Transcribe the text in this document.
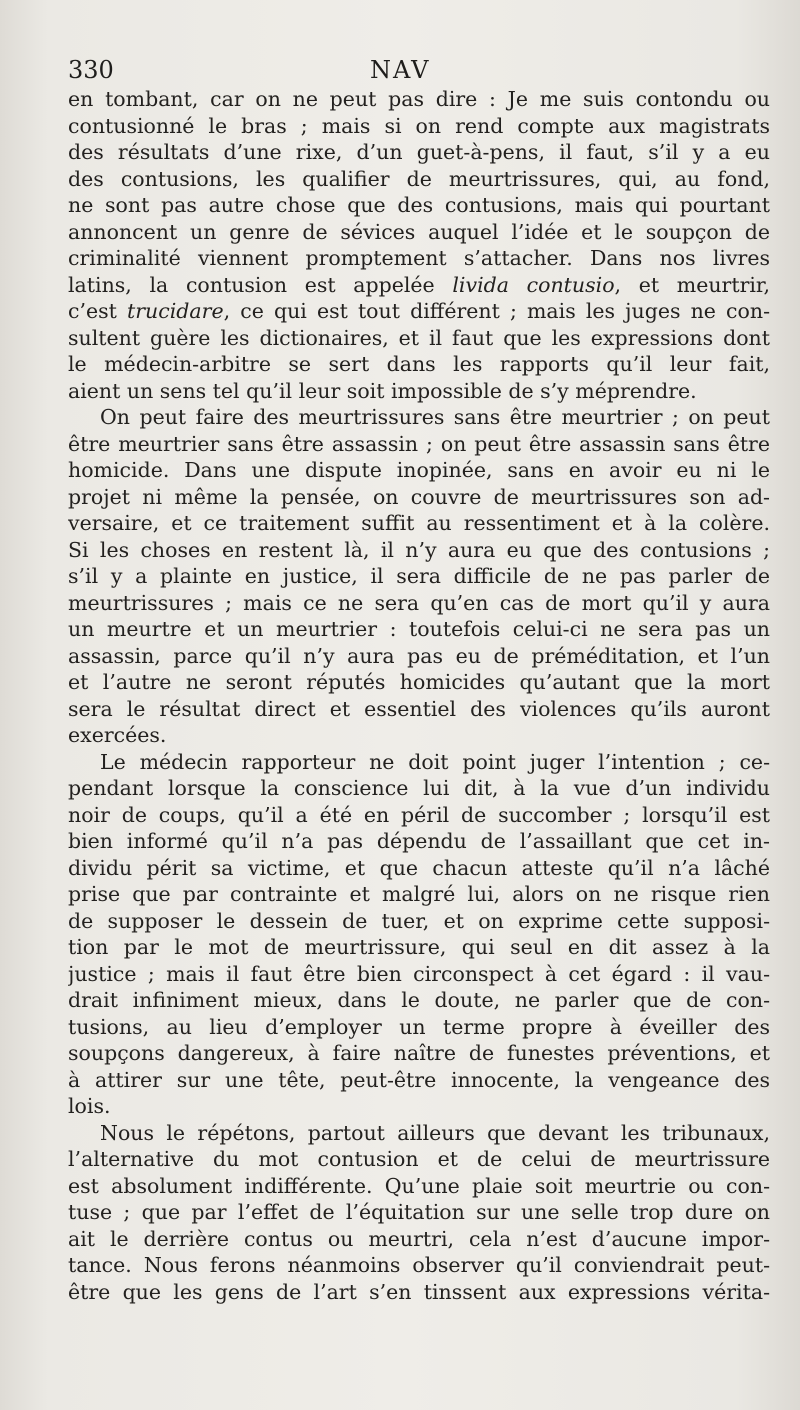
330	NAV
en tombant, car on ne peut pas dire : Je me suis contondu ou
contusionné le bras ; mais si on rend compte aux magistrats
des résultats d’une rixe, d’un guet-à-pens, il faut, s’il y a eu
des contusions, les qualifier de meurtrissures, qui, au fond,
ne sont pas autre chose que des contusions, mais qui pourtant
annoncent un genre de sévices auquel l’idée et le soupçon de
criminalité viennent promptement s’attacher. Dans nos livres
latins, la contusion est appelée livida contusio, et meurtrir,
c’est trucidare, ce qui est tout différent ; mais les juges ne con-
sultent guère les dictionaires, et il faut que les expressions dont
le médecin-arbitre se sert dans les rapports qu’il leur fait,
aient un sens tel qu’il leur soit impossible de s’y méprendre.
On peut faire des meurtrissures sans être meurtrier ; on peut
être meurtrier sans être assassin ; on peut être assassin sans être
homicide. Dans une dispute inopinée, sans en avoir eu ni le
projet ni même la pensée, on couvre de meurtrissures son ad-
versaire, et ce traitement suffit au ressentiment et à la colère.
Si les choses en restent là, il n’y aura eu que des contusions ;
s’il y a plainte en justice, il sera difficile de ne pas parler de
meurtrissures ; mais ce ne sera qu’en cas de mort qu’il y aura
un meurtre et un meurtrier : toutefois celui-ci ne sera pas un
assassin, parce qu’il n’y aura pas eu de préméditation, et l’un
et l’autre ne seront réputés homicides qu’autant que la mort
sera le résultat direct et essentiel des violences qu’ils auront
exercées.
Le médecin rapporteur ne doit point juger l’intention ; ce-
pendant lorsque la conscience lui dit, à la vue d’un individu
noir de coups, qu’il a été en péril de succomber ; lorsqu’il est
bien informé qu’il n’a pas dépendu de l’assaillant que cet in-
dividu périt sa victime, et que chacun atteste qu’il n’a lâché
prise que par contrainte et malgré lui, alors on ne risque rien
de supposer le dessein de tuer, et on exprime cette supposi-
tion par le mot de meurtrissure, qui seul en dit assez à la
justice ; mais il faut être bien circonspect à cet égard : il vau-
drait infiniment mieux, dans le doute, ne parler que de con-
tusions, au lieu d’employer un terme propre à éveiller des
soupçons dangereux, à faire naître de funestes préventions, et
à attirer sur une tête, peut-être innocente, la vengeance des
lois.
Nous le répétons, partout ailleurs que devant les tribunaux,
l’alternative du mot contusion et de celui de meurtrissure
est absolument indifférente. Qu’une plaie soit meurtrie ou con-
tuse ; que par l’effet de l’équitation sur une selle trop dure on
ait le derrière contus ou meurtri, cela n’est d’aucune impor-
tance. Nous ferons néanmoins observer qu’il conviendrait peut-
être que les gens de l’art s’en tinssent aux expressions vérita-
